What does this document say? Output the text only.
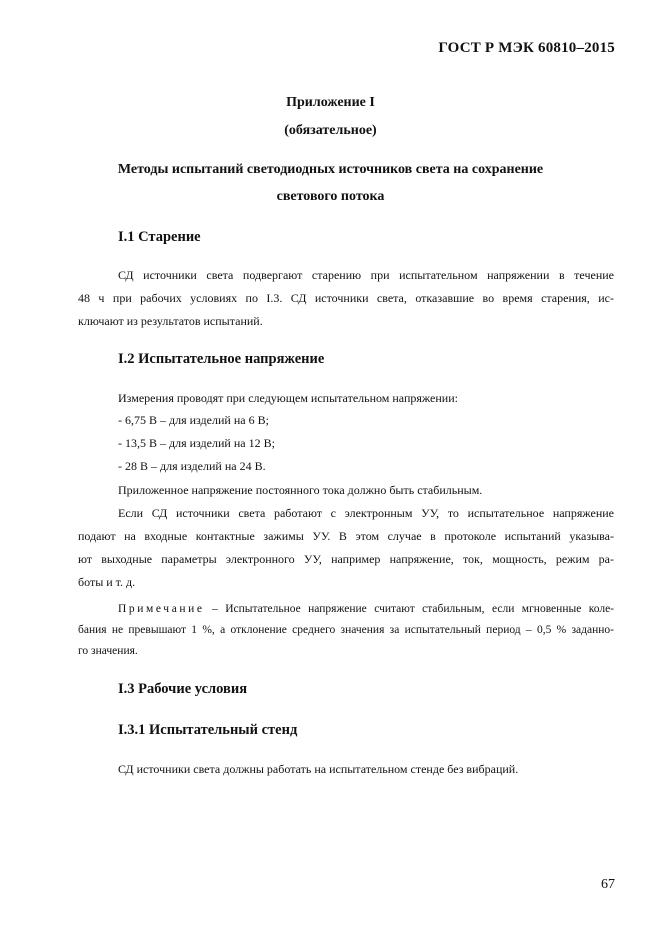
ГОСТ Р МЭК 60810–2015
Приложение I
(обязательное)
Методы испытаний светодиодных источников света на сохранение
светового потока
I.1 Старение
СД источники света подвергают старению при испытательном напряжении в течение
48 ч при рабочих условиях по I.3. СД источники света, отказавшие во время старения, ис-
ключают из результатов испытаний.
I.2 Испытательное напряжение
Измерения проводят при следующем испытательном напряжении:
- 6,75 В – для изделий на 6 В;
- 13,5 В – для изделий на 12 В;
- 28 В – для изделий на 24 В.
Приложенное напряжение постоянного тока должно быть стабильным.
Если СД источники света работают с электронным УУ, то испытательное напряжение
подают на входные контактные зажимы УУ. В этом случае в протоколе испытаний указыва-
ют выходные параметры электронного УУ, например напряжение, ток, мощность, режим ра-
боты и т. д.
Примечание – Испытательное напряжение считают стабильным, если мгновенные коле-
бания не превышают 1 %, а отклонение среднего значения за испытательный период – 0,5 % заданно-
го значения.
I.3 Рабочие условия
I.3.1 Испытательный стенд
СД источники света должны работать на испытательном стенде без вибраций.
67
